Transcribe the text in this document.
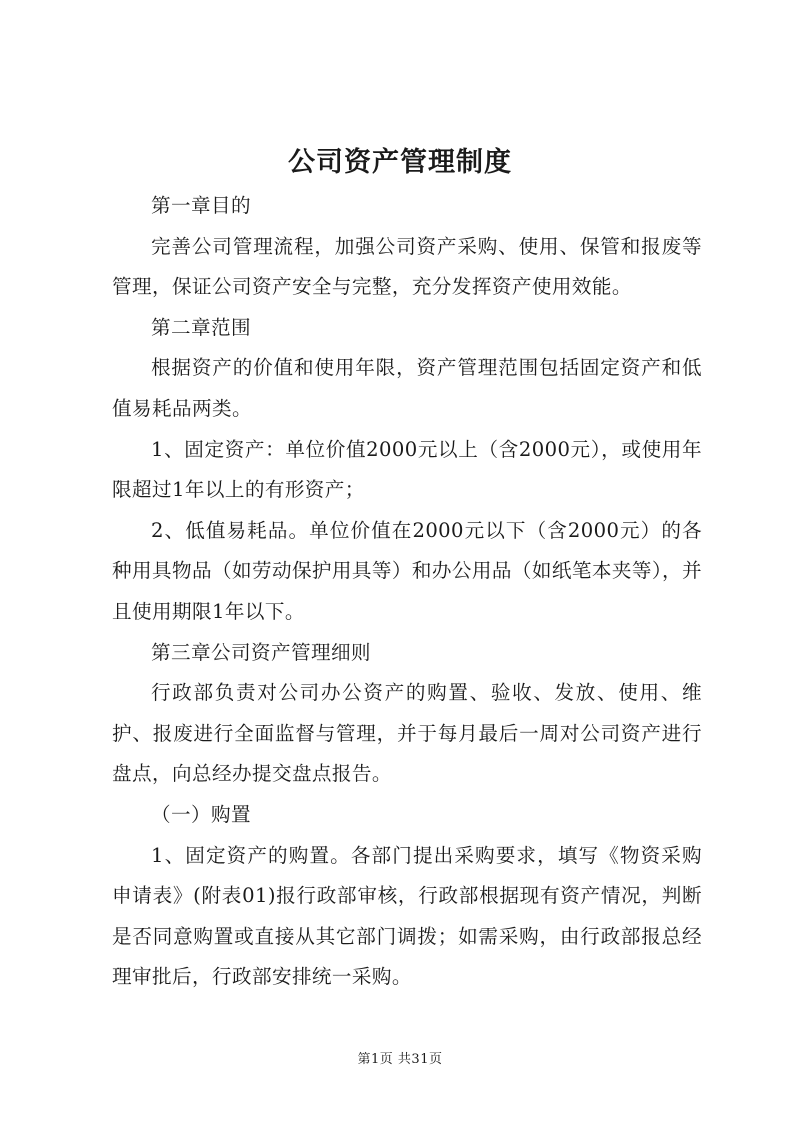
公司资产管理制度

第一章目的

完善公司管理流程，加强公司资产采购、使用、保管和报废等管理，保证公司资产安全与完整，充分发挥资产使用效能。

第二章范围

根据资产的价值和使用年限，资产管理范围包括固定资产和低值易耗品两类。

1、固定资产：单位价值2000元以上（含2000元），或使用年限超过1年以上的有形资产；

2、低值易耗品。单位价值在2000元以下（含2000元）的各种用具物品（如劳动保护用具等）和办公用品（如纸笔本夹等），并且使用期限1年以下。

第三章公司资产管理细则

行政部负责对公司办公资产的购置、验收、发放、使用、维护、报废进行全面监督与管理，并于每月最后一周对公司资产进行盘点，向总经办提交盘点报告。

（一）购置

1、固定资产的购置。各部门提出采购要求，填写《物资采购申请表》(附表01)报行政部审核，行政部根据现有资产情况，判断是否同意购置或直接从其它部门调拨；如需采购，由行政部报总经理审批后，行政部安排统一采购。

第1页 共31页
